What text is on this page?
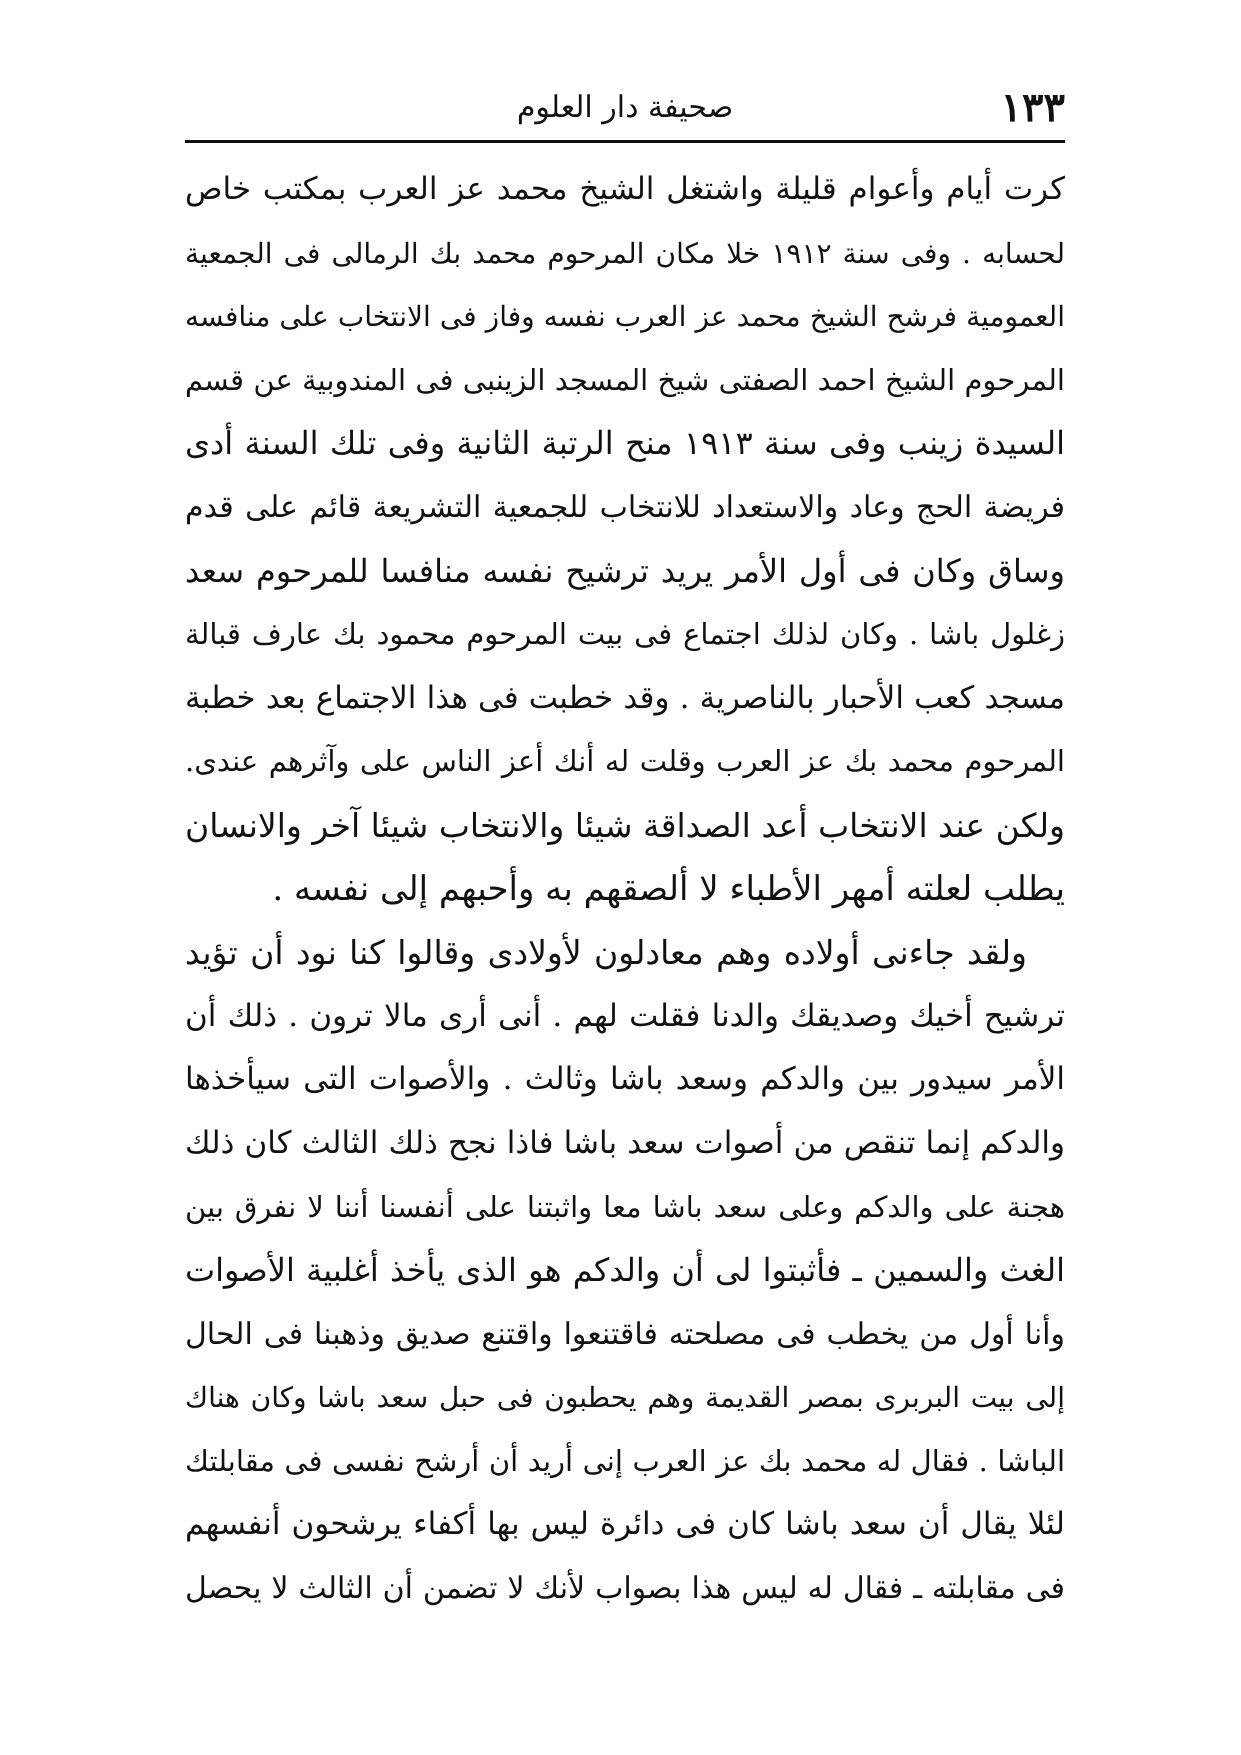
١٣٣
صحيفة دار العلوم
كرت أيام وأعوام قليلة واشتغل الشيخ محمد عز العرب بمكتب خاص
لحسابه . وفى سنة ١٩١٢ خلا مكان المرحوم محمد بك الرمالى فى الجمعية
العمومية فرشح الشيخ محمد عز العرب نفسه وفاز فى الانتخاب على منافسه
المرحوم الشيخ احمد الصفتى شيخ المسجد الزينبى فى المندوبية عن قسم
السيدة زينب وفى سنة ١٩١٣ منح الرتبة الثانية وفى تلك السنة أدى
فريضة الحج وعاد والاستعداد للانتخاب للجمعية التشريعة قائم على قدم
وساق وكان فى أول الأمر يريد ترشيح نفسه منافسا للمرحوم سعد
زغلول باشا . وكان لذلك اجتماع فى بيت المرحوم محمود بك عارف قبالة
مسجد كعب الأحبار بالناصرية . وقد خطبت فى هذا الاجتماع بعد خطبة
المرحوم محمد بك عز العرب وقلت له أنك أعز الناس على وآثرهم عندى.
ولكن عند الانتخاب أعد الصداقة شيئا والانتخاب شيئا آخر والانسان
يطلب لعلته أمهر الأطباء لا ألصقهم به وأحبهم إلى نفسه .
ولقد جاءنى أولاده وهم معادلون لأولادى وقالوا كنا نود أن تؤيد
ترشيح أخيك وصديقك والدنا فقلت لهم . أنى أرى مالا ترون . ذلك أن
الأمر سيدور بين والدكم وسعد باشا وثالث . والأصوات التى سيأخذها
والدكم إنما تنقص من أصوات سعد باشا فاذا نجح ذلك الثالث كان ذلك
هجنة على والدكم وعلى سعد باشا معا واثبتنا على أنفسنا أننا لا نفرق بين
الغث والسمين ـ فأثبتوا لى أن والدكم هو الذى يأخذ أغلبية الأصوات
وأنا أول من يخطب فى مصلحته فاقتنعوا واقتنع صديق وذهبنا فى الحال
إلى بيت البربرى بمصر القديمة وهم يحطبون فى حبل سعد باشا وكان هناك
الباشا . فقال له محمد بك عز العرب إنى أريد أن أرشح نفسى فى مقابلتك
لئلا يقال أن سعد باشا كان فى دائرة ليس بها أكفاء يرشحون أنفسهم
فى مقابلته ـ فقال له ليس هذا بصواب لأنك لا تضمن أن الثالث لا يحصل
